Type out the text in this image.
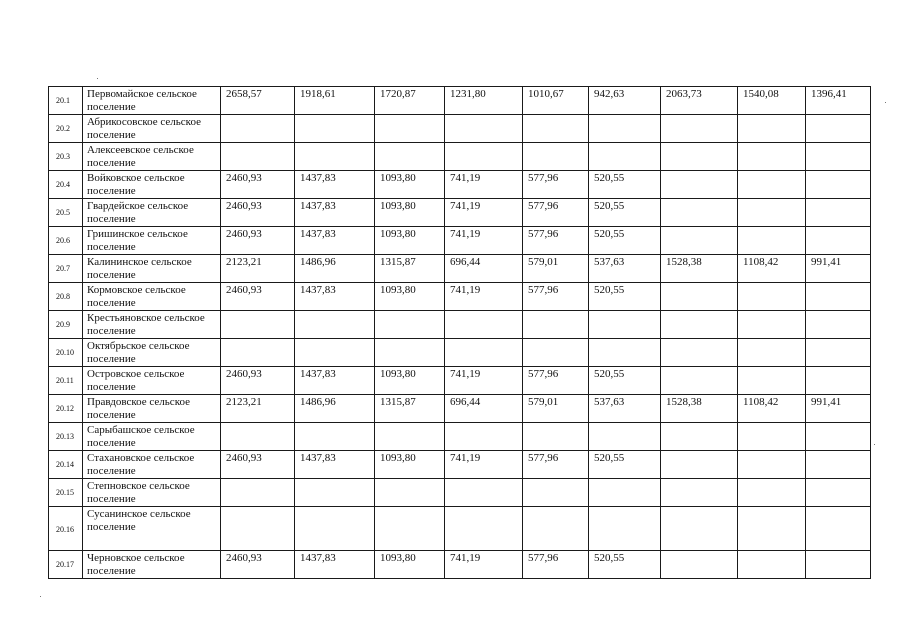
20.1	Первомайское сельское поселение	2658,57	1918,61	1720,87	1231,80	1010,67	942,63	2063,73	1540,08	1396,41
20.2	Абрикосовское сельское поселение									
20.3	Алексеевское сельское поселение									
20.4	Войковское сельское поселение	2460,93	1437,83	1093,80	741,19	577,96	520,55			
20.5	Гвардейское сельское поселение	2460,93	1437,83	1093,80	741,19	577,96	520,55			
20.6	Гришинское сельское поселение	2460,93	1437,83	1093,80	741,19	577,96	520,55			
20.7	Калининское сельское поселение	2123,21	1486,96	1315,87	696,44	579,01	537,63	1528,38	1108,42	991,41
20.8	Кормовское сельское поселение	2460,93	1437,83	1093,80	741,19	577,96	520,55			
20.9	Крестьяновское сельское поселение									
20.10	Октябрьское сельское поселение									
20.11	Островское сельское поселение	2460,93	1437,83	1093,80	741,19	577,96	520,55			
20.12	Правдовское сельское поселение	2123,21	1486,96	1315,87	696,44	579,01	537,63	1528,38	1108,42	991,41
20.13	Сарыбашское сельское поселение									
20.14	Стахановское сельское поселение	2460,93	1437,83	1093,80	741,19	577,96	520,55			
20.15	Степновское сельское поселение									
20.16	Сусанинское сельское поселение									
20.17	Черновское сельское поселение	2460,93	1437,83	1093,80	741,19	577,96	520,55			
